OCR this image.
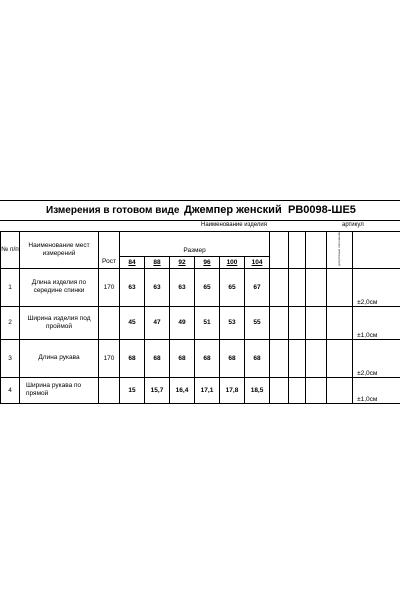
Измерения в готовом виде Джемпер женский РВ0098-ШЕ5
Наименование изделия	артикул
№ п/п	Наименование мест измерений											допустимые отклонения	
			Размер										
		Рост	84	88	92	96	100	104					
1	Длина изделия по середине спинки	170	63	63	63	65	65	67					±2,0см
2	Ширина изделия под проймой		45	47	49	51	53	55					±1,0см
3	Длина рукава	170	68	68	68	68	68	68					±2,0см
4	Ширина рукава по прямой		15	15,7	16,4	17,1	17,8	18,5					±1,0см
